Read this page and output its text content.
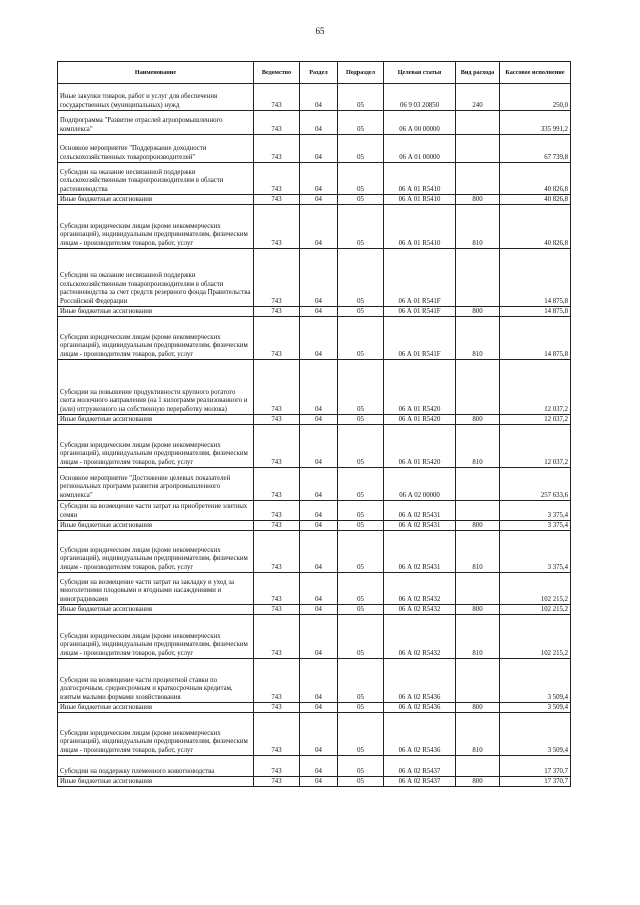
65
Наименование	Ведомство	Раздел	Подраздел	Целевая статья	Вид расхода	Кассовое исполнение
Иные закупки товаров, работ и услуг для обеспечения государственных (муниципальных) нужд	743	04	05	06 9 03 20850	240	250,0
Подпрограмма "Развитие отраслей агропромышленного комплекса"	743	04	05	06 А 00 00000		335 991,2
Основное мероприятие "Поддержание доходности сельскохозяйственных товаропроизводителей"	743	04	05	06 А 01 00000		67 739,8
Субсидии на оказание несвязанной поддержки сельскохозяйственным товаропроизводителям в области растениеводства	743	04	05	06 А 01 R5410		40 826,8
Иные бюджетные ассигнования	743	04	05	06 А 01 R5410	800	40 826,8
Субсидии юридическим лицам (кроме некоммерческих организаций), индивидуальным предпринимателям, физическим лицам - производителям товаров, работ, услуг	743	04	05	06 А 01 R5410	810	40 826,8
Субсидии на оказание несвязанной поддержки сельскохозяйственным товаропроизводителям в области растениеводства за счет средств резервного фонда Правительства Российской Федерации	743	04	05	06 А 01 R541F		14 875,8
Иные бюджетные ассигнования	743	04	05	06 А 01 R541F	800	14 875,8
Субсидии юридическим лицам (кроме некоммерческих организаций), индивидуальным предпринимателям, физическим лицам - производителям товаров, работ, услуг	743	04	05	06 А 01 R541F	810	14 875,8
Субсидии на повышение продуктивности крупного рогатого скота молочного направления (на 1 килограмм реализованного и (или) отгруженного на собственную переработку молока)	743	04	05	06 А 01 R5420		12 037,2
Иные бюджетные ассигнования	743	04	05	06 А 01 R5420	800	12 037,2
Субсидии юридическим лицам (кроме некоммерческих организаций), индивидуальным предпринимателям, физическим лицам - производителям товаров, работ, услуг	743	04	05	06 А 01 R5420	810	12 037,2
Основное мероприятие "Достижение целевых показателей региональных программ развития агропромышленного комплекса"	743	04	05	06 А 02 00000		257 633,6
Субсидии на возмещение части затрат на приобретение элитных семян	743	04	05	06 А 02 R5431		3 375,4
Иные бюджетные ассигнования	743	04	05	06 А 02 R5431	800	3 375,4
Субсидии юридическим лицам (кроме некоммерческих организаций), индивидуальным предпринимателям, физическим лицам - производителям товаров, работ, услуг	743	04	05	06 А 02 R5431	810	3 375,4
Субсидии на возмещение части затрат на закладку и уход за многолетними плодовыми и ягодными насаждениями и виноградниками	743	04	05	06 А 02 R5432		102 215,2
Иные бюджетные ассигнования	743	04	05	06 А 02 R5432	800	102 215,2
Субсидии юридическим лицам (кроме некоммерческих организаций), индивидуальным предпринимателям, физическим лицам - производителям товаров, работ, услуг	743	04	05	06 А 02 R5432	810	102 215,2
Субсидии на возмещение части процентной ставки по долгосрочным, среднесрочным и краткосрочным кредитам, взятым малыми формами хозяйствования	743	04	05	06 А 02 R5436		3 509,4
Иные бюджетные ассигнования	743	04	05	06 А 02 R5436	800	3 509,4
Субсидии юридическим лицам (кроме некоммерческих организаций), индивидуальным предпринимателям, физическим лицам - производителям товаров, работ, услуг	743	04	05	06 А 02 R5436	810	3 509,4
Субсидии на поддержку племенного животноводства	743	04	05	06 А 02 R5437		17 370,7
Иные бюджетные ассигнования	743	04	05	06 А 02 R5437	800	17 370,7
